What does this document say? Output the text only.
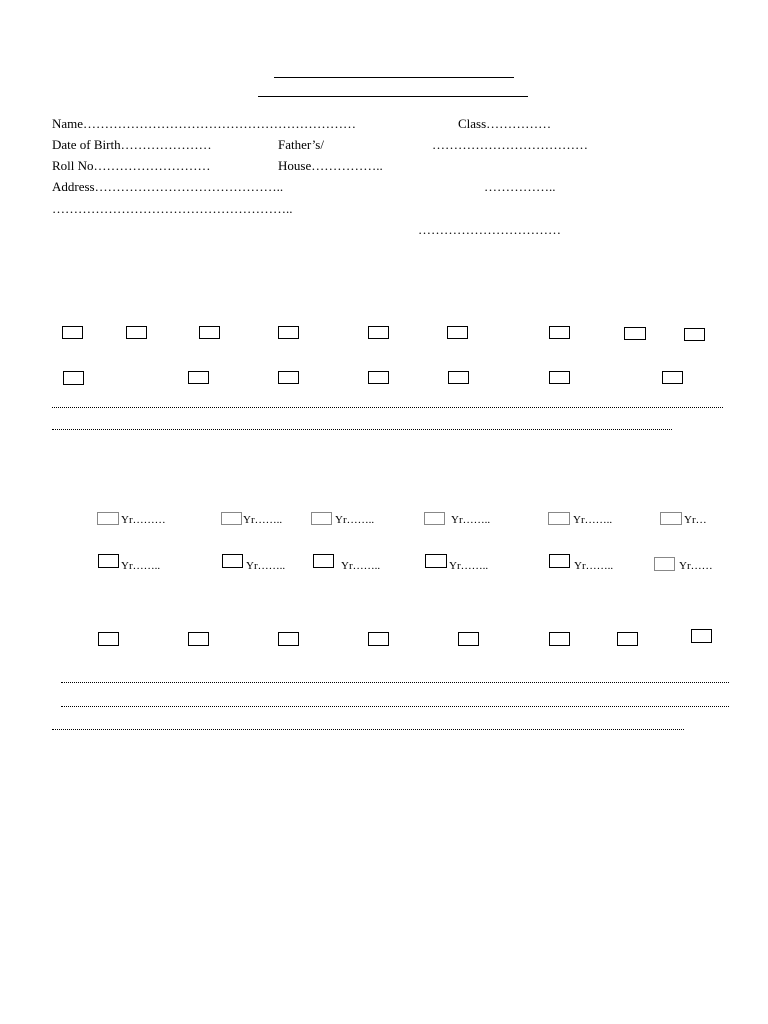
Name………………………………………………………	Class……………
Date of Birth…………………	Father’s/	………………………………
Roll No………………………	House……………..
Address……………………………………..	……………..
………………………………………………..
……………………………
Yr………	Yr……..	Yr……..	Yr……..	Yr……..	Yr…
Yr……..	Yr……..	Yr……..	Yr……..	Yr……..	Yr……
